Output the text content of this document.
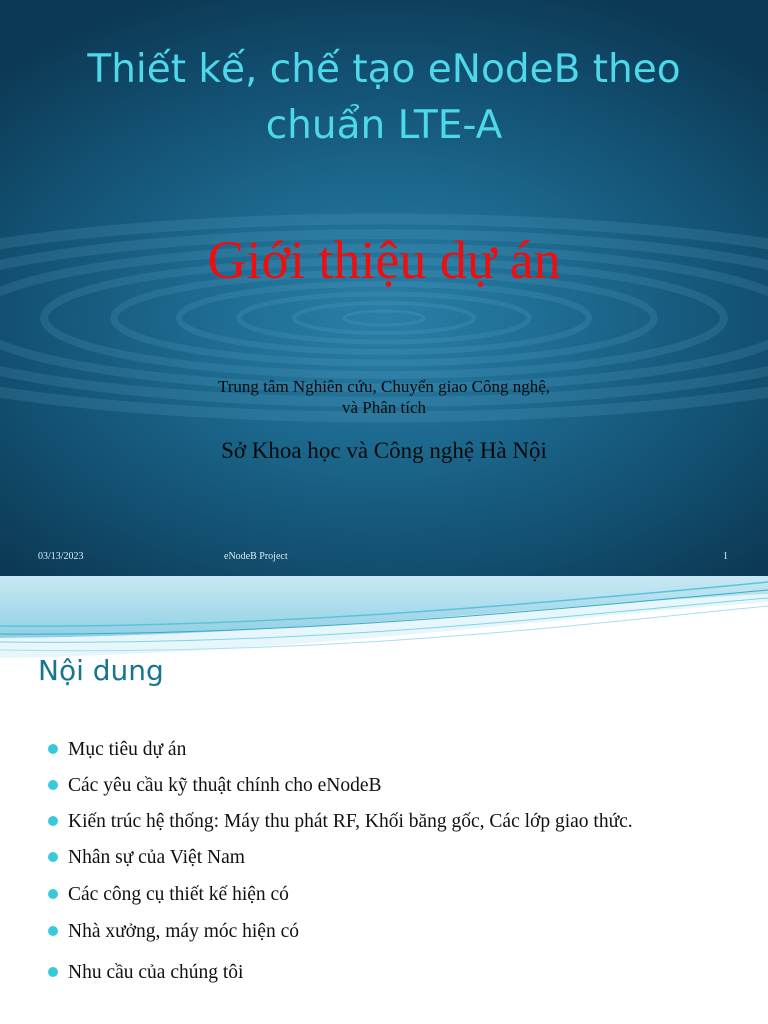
Thiết kế, chế tạo eNodeB theo chuẩn LTE-A
Giới thiệu dự án

Trung tâm Nghiên cứu, Chuyển giao Công nghệ,
và Phân tích

Sở Khoa học và Công nghệ Hà Nội

03/13/2023	eNodeB Project	1
Nội dung
Mục tiêu dự án
Các yêu cầu kỹ thuật chính cho eNodeB
Kiến trúc hệ thống: Máy thu phát RF, Khối băng gốc, Các lớp giao thức.
Nhân sự của Việt Nam
Các công cụ thiết kế hiện có
Nhà xưởng, máy móc hiện có
Nhu cầu của chúng tôi
